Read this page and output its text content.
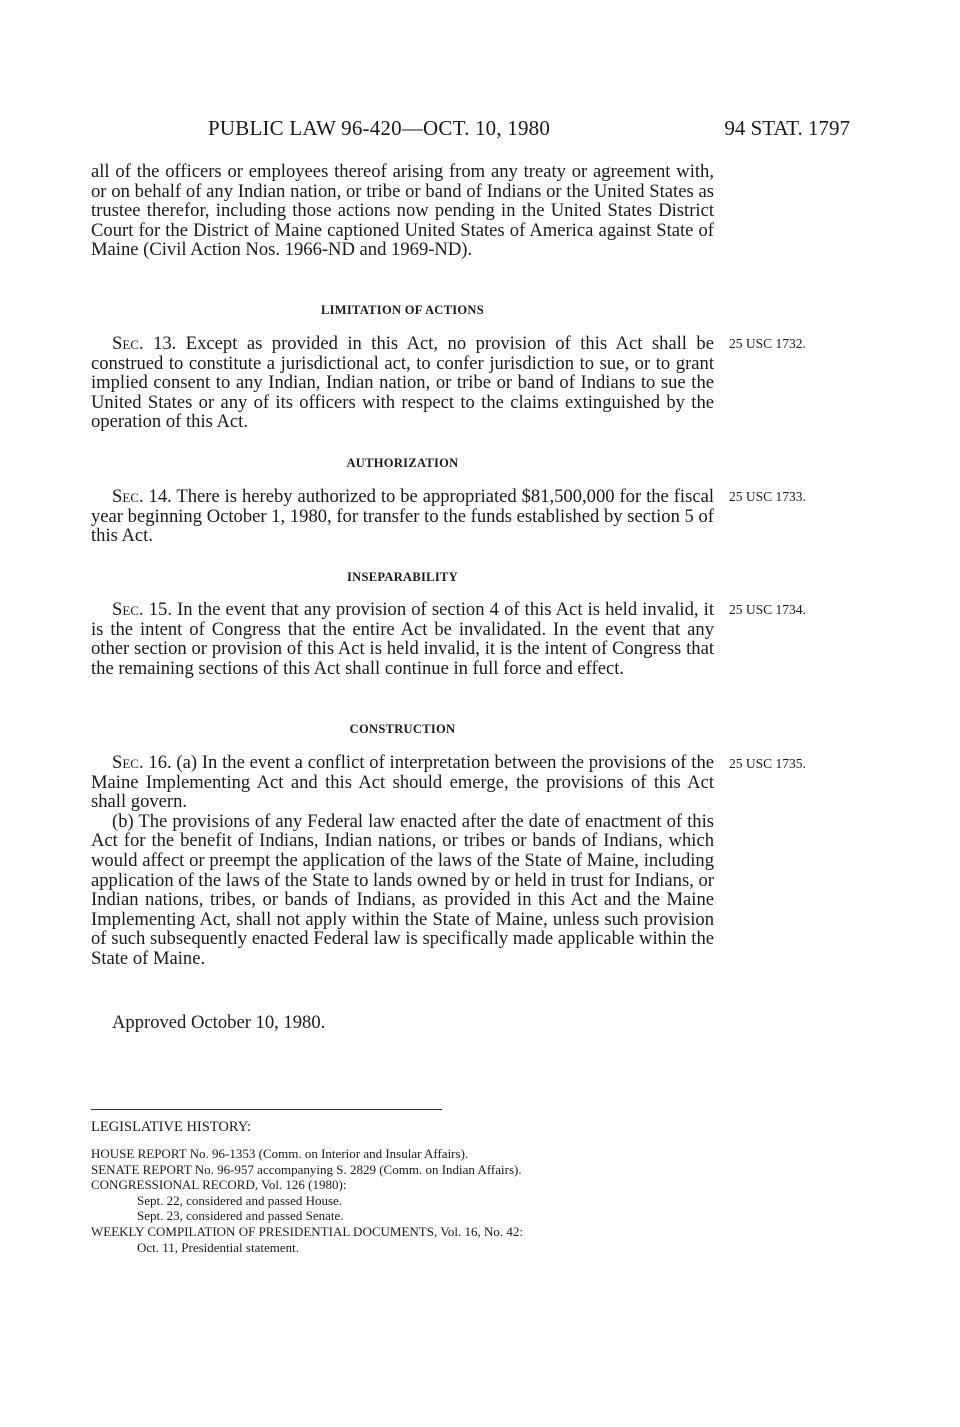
PUBLIC LAW 96-420—OCT. 10, 1980	94 STAT. 1797

all of the officers or employees thereof arising from any treaty or agreement with, or on behalf of any Indian nation, or tribe or band of Indians or the United States as trustee therefor, including those actions now pending in the United States District Court for the District of Maine captioned United States of America against State of Maine (Civil Action Nos. 1966-ND and 1969-ND).

LIMITATION OF ACTIONS

Sec. 13. Except as provided in this Act, no provision of this Act shall be construed to constitute a jurisdictional act, to confer jurisdiction to sue, or to grant implied consent to any Indian, Indian nation, or tribe or band of Indians to sue the United States or any of its officers with respect to the claims extinguished by the operation of this Act.

25 USC 1732.
AUTHORIZATION

Sec. 14. There is hereby authorized to be appropriated $81,500,000 for the fiscal year beginning October 1, 1980, for transfer to the funds established by section 5 of this Act.

25 USC 1733.
INSEPARABILITY

Sec. 15. In the event that any provision of section 4 of this Act is held invalid, it is the intent of Congress that the entire Act be invalidated. In the event that any other section or provision of this Act is held invalid, it is the intent of Congress that the remaining sections of this Act shall continue in full force and effect.

25 USC 1734.
CONSTRUCTION

Sec. 16. (a) In the event a conflict of interpretation between the provisions of the Maine Implementing Act and this Act should emerge, the provisions of this Act shall govern.

(b) The provisions of any Federal law enacted after the date of enactment of this Act for the benefit of Indians, Indian nations, or tribes or bands of Indians, which would affect or preempt the application of the laws of the State of Maine, including application of the laws of the State to lands owned by or held in trust for Indians, or Indian nations, tribes, or bands of Indians, as provided in this Act and the Maine Implementing Act, shall not apply within the State of Maine, unless such provision of such subsequently enacted Federal law is specifically made applicable within the State of Maine.

25 USC 1735.
Approved October 10, 1980.
LEGISLATIVE HISTORY:
HOUSE REPORT No. 96-1353 (Comm. on Interior and Insular Affairs).
SENATE REPORT No. 96-957 accompanying S. 2829 (Comm. on Indian Affairs).
CONGRESSIONAL RECORD, Vol. 126 (1980):
Sept. 22, considered and passed House.
Sept. 23, considered and passed Senate.
WEEKLY COMPILATION OF PRESIDENTIAL DOCUMENTS, Vol. 16, No. 42:
Oct. 11, Presidential statement.
